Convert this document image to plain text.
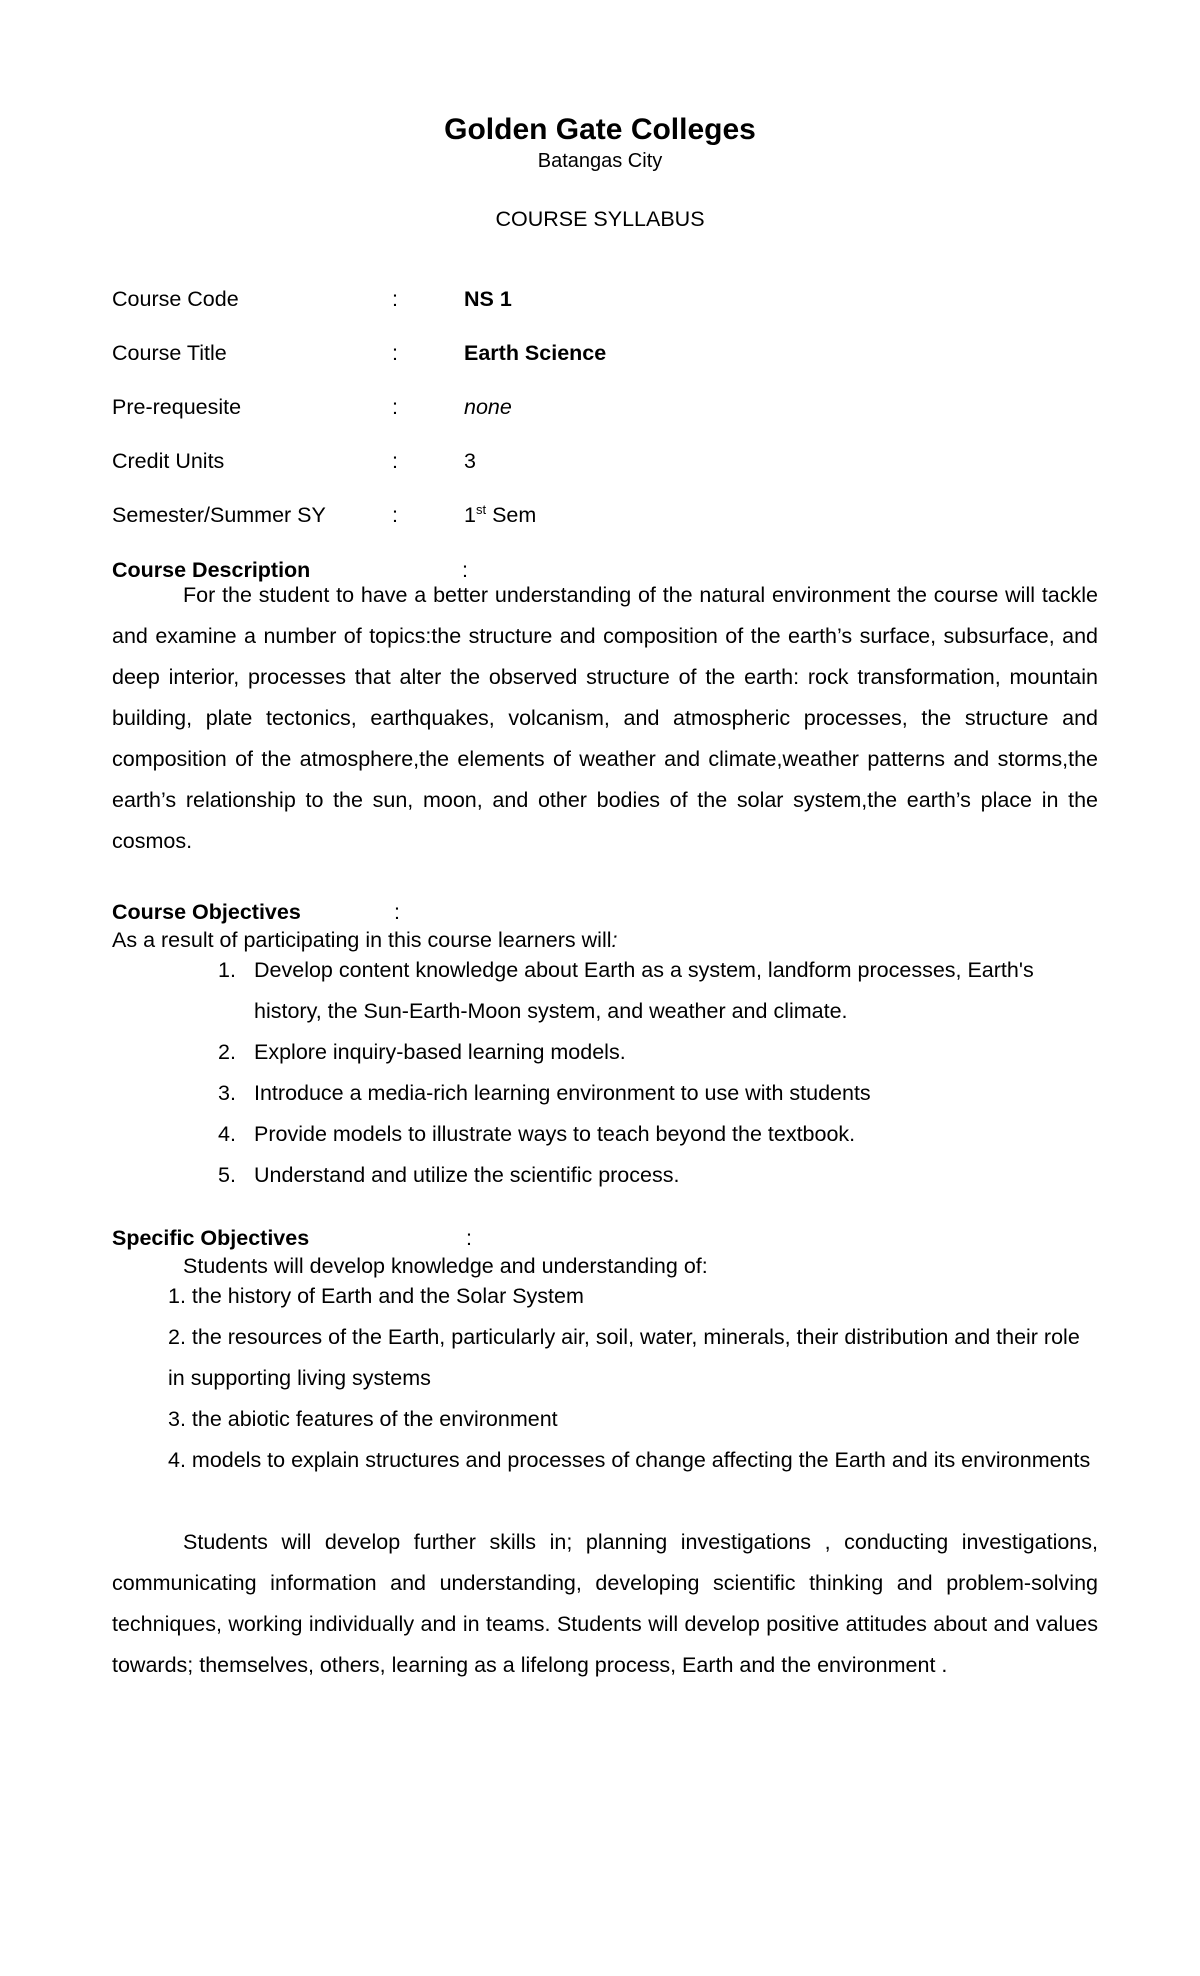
Golden Gate Colleges
Batangas City
COURSE SYLLABUS
Course Code	:	NS 1
Course Title	:	Earth Science
Pre-requesite	:	none
Credit Units	:	3
Semester/Summer SY	:	1st Sem
Course Description	:

For the student to have a better understanding of the natural environment the course will tackle and examine a number of topics:the structure and composition of the earth’s surface, subsurface, and deep interior, processes that alter the observed structure of the earth: rock transformation, mountain building, plate tectonics, earthquakes, volcanism, and atmospheric processes, the structure and composition of the atmosphere,the elements of weather and climate,weather patterns and storms,the earth’s relationship to the sun, moon, and other bodies of the solar system,the earth’s place in the cosmos.

Course Objectives	:
As a result of participating in this course learners will:
1. Develop content knowledge about Earth as a system, landform processes, Earth's history, the Sun-Earth-Moon system, and weather and climate.
2. Explore inquiry-based learning models.
3. Introduce a media-rich learning environment to use with students
4. Provide models to illustrate ways to teach beyond the textbook.
5. Understand and utilize the scientific process.
Specific Objectives	:
Students will develop knowledge and understanding of:
1. the history of Earth and the Solar System
2. the resources of the Earth, particularly air, soil, water, minerals, their distribution and their role in supporting living systems
3. the abiotic features of the environment
4. models to explain structures and processes of change affecting the Earth and its environments

Students will develop further skills in; planning investigations , conducting investigations, communicating information and understanding, developing scientific thinking and problem-solving techniques, working individually and in teams. Students will develop positive attitudes about and values towards; themselves, others, learning as a lifelong process, Earth and the environment .
